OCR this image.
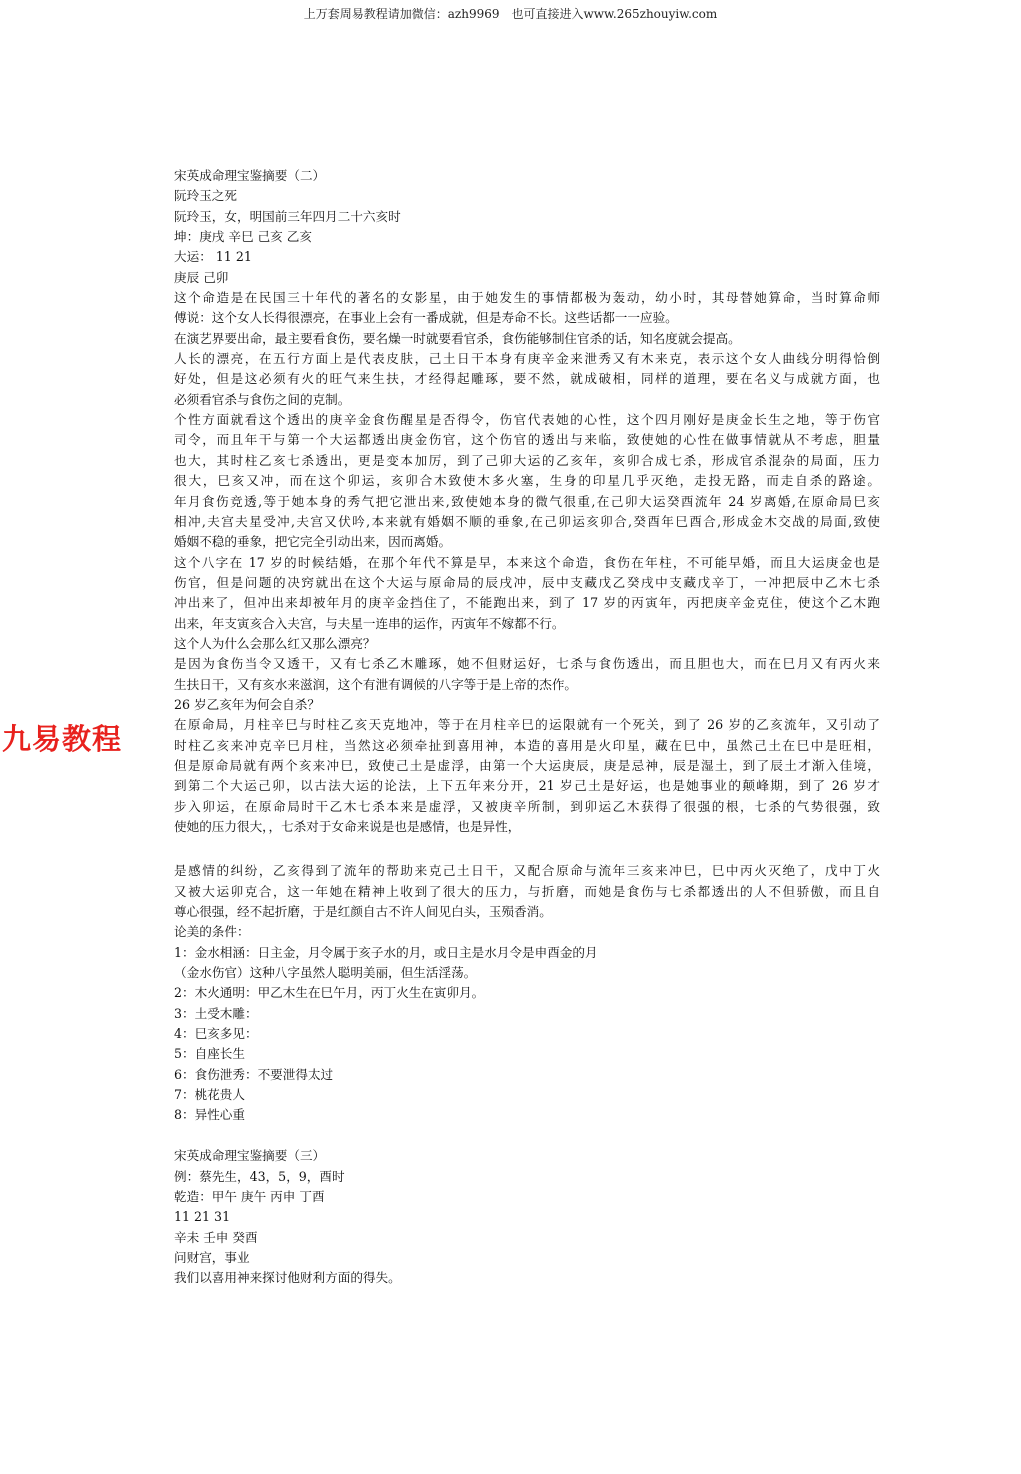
上万套周易教程请加微信：azh9969　也可直接进入www.265zhouyiw.com
九易教程
宋英成命理宝鉴摘要（二）
阮玲玉之死
阮玲玉，女，明国前三年四月二十六亥时
坤：庚戌 辛巳 己亥 乙亥
大运： 11 21
庚辰 己卯
这个命造是在民国三十年代的著名的女影星，由于她发生的事情都极为轰动，幼小时，其母替她算命，当时算命师
傅说：这个女人长得很漂亮，在事业上会有一番成就，但是寿命不长。这些话都一一应验。
在演艺界要出命，最主要看食伤，要名燥一时就要看官杀，食伤能够制住官杀的话，知名度就会提高。
人长的漂亮，在五行方面上是代表皮肤，己土日干本身有庚辛金来泄秀又有木来克，表示这个女人曲线分明得恰倒
好处，但是这必须有火的旺气来生扶，才经得起雕琢，要不然，就成破相，同样的道理，要在名义与成就方面，也
必须看官杀与食伤之间的克制。
个性方面就看这个透出的庚辛金食伤醒星是否得令，伤官代表她的心性，这个四月刚好是庚金长生之地，等于伤官
司令，而且年干与第一个大运都透出庚金伤官，这个伤官的透出与来临，致使她的心性在做事情就从不考虑，胆量
也大，其时柱乙亥七杀透出，更是变本加厉，到了己卯大运的乙亥年，亥卯合成七杀，形成官杀混杂的局面，压力
很大，巳亥又冲，而在这个卯运，亥卯合木致使木多火塞，生身的印星几乎灭绝，走投无路，而走自杀的路途。
年月食伤竞透,等于她本身的秀气把它泄出来,致使她本身的微气很重,在己卯大运癸酉流年 24 岁离婚,在原命局巳亥
相冲,夫宫夫星受冲,夫宫又伏吟,本来就有婚姻不顺的垂象,在己卯运亥卯合,癸酉年巳酉合,形成金木交战的局面,致使
婚姻不稳的垂象，把它完全引动出来，因而离婚。
这个八字在 17 岁的时候结婚，在那个年代不算是早，本来这个命造，食伤在年柱，不可能早婚，而且大运庚金也是
伤官，但是问题的决窍就出在这个大运与原命局的辰戌冲，辰中支藏戊乙癸戌中支藏戊辛丁，一冲把辰中乙木七杀
冲出来了，但冲出来却被年月的庚辛金挡住了，不能跑出来，到了 17 岁的丙寅年，丙把庚辛金克住，使这个乙木跑
出来，年支寅亥合入夫宫，与夫星一连串的运作，丙寅年不嫁都不行。
这个人为什么会那么红又那么漂亮？
是因为食伤当令又透干，又有七杀乙木雕琢，她不但财运好，七杀与食伤透出，而且胆也大，而在巳月又有丙火来
生扶日干，又有亥水来滋润，这个有泄有调候的八字等于是上帝的杰作。
26 岁乙亥年为何会自杀？
在原命局，月柱辛巳与时柱乙亥天克地冲，等于在月柱辛巳的运限就有一个死关，到了 26 岁的乙亥流年，又引动了
时柱乙亥来冲克辛巳月柱，当然这必须牵扯到喜用神，本造的喜用是火印星，藏在巳中，虽然己土在巳中是旺相，
但是原命局就有两个亥来冲巳，致使己土是虚浮，由第一个大运庚辰，庚是忌神，辰是湿土，到了辰土才渐入佳境，
到第二个大运己卯，以古法大运的论法，上下五年来分开，21 岁己土是好运，也是她事业的颠峰期，到了 26 岁才
步入卯运，在原命局时干乙木七杀本来是虚浮，又被庚辛所制，到卯运乙木获得了很强的根，七杀的气势很强，致
使她的压力很大，，七杀对于女命来说是也是感情，也是异性，
是感情的纠纷，乙亥得到了流年的帮助来克己土日干，又配合原命与流年三亥来冲巳，巳中丙火灭绝了，戊中丁火
又被大运卯克合，这一年她在精神上收到了很大的压力，与折磨，而她是食伤与七杀都透出的人不但骄傲，而且自
尊心很强，经不起折磨，于是红颜自古不许人间见白头，玉殒香消。
论美的条件：
1：金水相涵：日主金，月令属于亥子水的月，或日主是水月令是申酉金的月
（金水伤官）这种八字虽然人聪明美丽，但生活淫荡。
2：木火通明：甲乙木生在巳午月，丙丁火生在寅卯月。
3：土受木雕：
4：巳亥多见：
5：自座长生
6：食伤泄秀：不要泄得太过
7：桃花贵人
8：异性心重
宋英成命理宝鉴摘要（三）
例：蔡先生，43，5，9，酉时
乾造：甲午 庚午 丙申 丁酉
11 21 31
辛未 壬申 癸酉
问财宫，事业
我们以喜用神来探讨他财利方面的得失。
